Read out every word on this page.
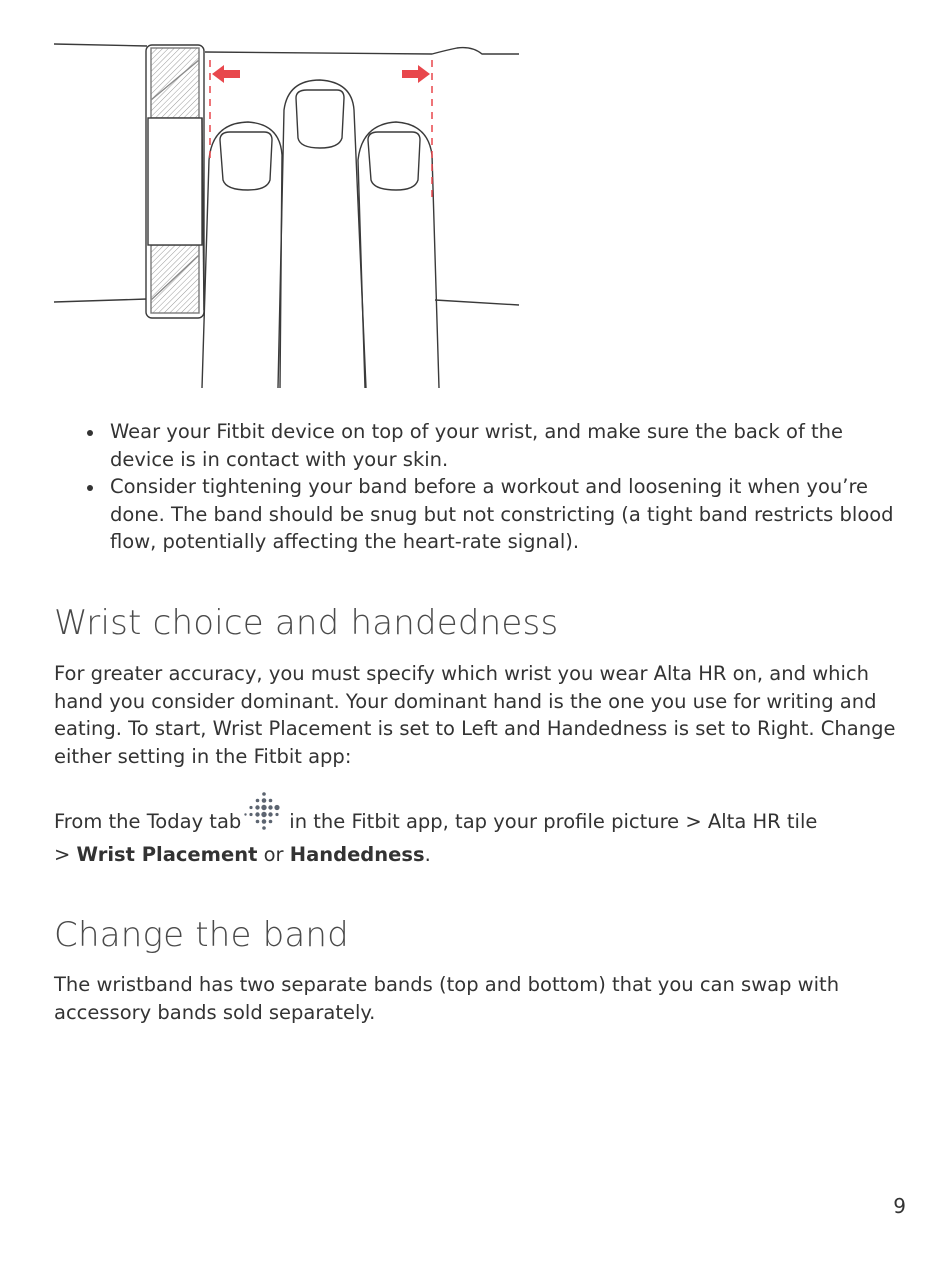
Wear your Fitbit device on top of your wrist, and make sure the back of the device is in contact with your skin.
Consider tightening your band before a workout and loosening it when you’re done. The band should be snug but not constricting (a tight band restricts blood flow, potentially affecting the heart-rate signal).
Wrist choice and handedness

For greater accuracy, you must specify which wrist you wear Alta HR on, and which hand you consider dominant. Your dominant hand is the one you use for writing and eating. To start, Wrist Placement is set to Left and Handedness is set to Right. Change either setting in the Fitbit app:

From the Today tab in the Fitbit app, tap your profile picture > Alta HR tile
> Wrist Placement or Handedness.

Change the band

The wristband has two separate bands (top and bottom) that you can swap with accessory bands sold separately.

9
